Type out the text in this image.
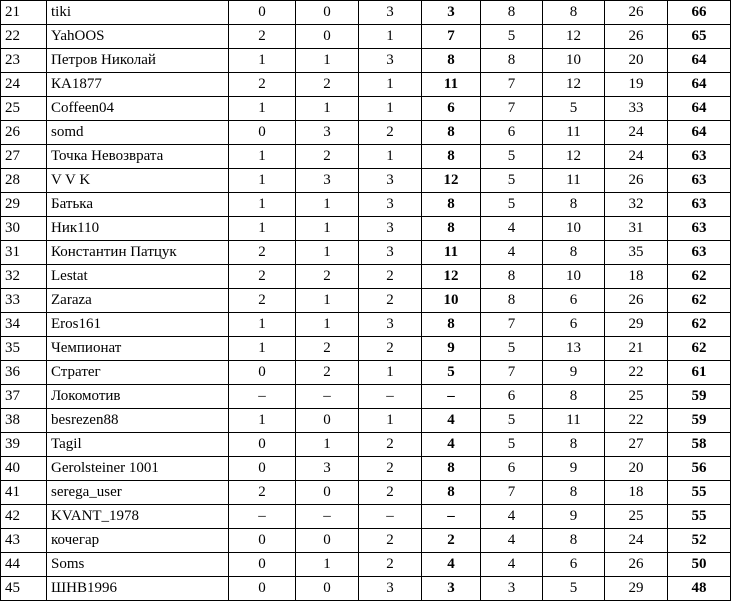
21	tiki	0	0	3	3	8	8	26	66
22	YahOOS	2	0	1	7	5	12	26	65
23	Петров Николай	1	1	3	8	8	10	20	64
24	КА1877	2	2	1	11	7	12	19	64
25	Coffeen04	1	1	1	6	7	5	33	64
26	somd	0	3	2	8	6	11	24	64
27	Точка Невозврата	1	2	1	8	5	12	24	63
28	V V K	1	3	3	12	5	11	26	63
29	Батька	1	1	3	8	5	8	32	63
30	Ник110	1	1	3	8	4	10	31	63
31	Константин Патцук	2	1	3	11	4	8	35	63
32	Lestat	2	2	2	12	8	10	18	62
33	Zaraza	2	1	2	10	8	6	26	62
34	Eros161	1	1	3	8	7	6	29	62
35	Чемпионат	1	2	2	9	5	13	21	62
36	Стратег	0	2	1	5	7	9	22	61
37	Локомотив	–	–	–	–	6	8	25	59
38	besrezen88	1	0	1	4	5	11	22	59
39	Tagil	0	1	2	4	5	8	27	58
40	Gerolsteiner 1001	0	3	2	8	6	9	20	56
41	serega_user	2	0	2	8	7	8	18	55
42	KVANT_1978	–	–	–	–	4	9	25	55
43	кочегар	0	0	2	2	4	8	24	52
44	Soms	0	1	2	4	4	6	26	50
45	ШНВ1996	0	0	3	3	3	5	29	48
